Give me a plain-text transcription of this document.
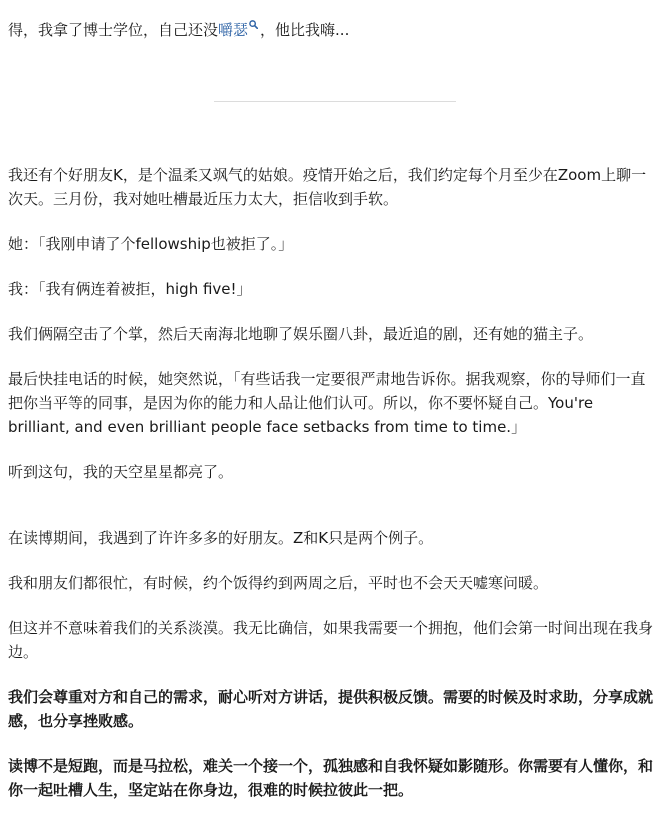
得，我拿了博士学位，自己还没嚼瑟 ，他比我嗨...

我还有个好朋友K，是个温柔又飒气的姑娘。疫情开始之后，我们约定每个月至少在Zoom上聊一次天。三月份，我对她吐槽最近压力太大，拒信收到手软。

她：「我刚申请了个fellowship也被拒了。」

我：「我有俩连着被拒，high five!」

我们俩隔空击了个掌，然后天南海北地聊了娱乐圈八卦，最近追的剧，还有她的猫主子。

最后快挂电话的时候，她突然说，「有些话我一定要很严肃地告诉你。据我观察，你的导师们一直把你当平等的同事，是因为你的能力和人品让他们认可。所以，你不要怀疑自己。You're brilliant, and even brilliant people face setbacks from time to time.」

听到这句，我的天空星星都亮了。

在读博期间，我遇到了许许多多的好朋友。Z和K只是两个例子。

我和朋友们都很忙，有时候，约个饭得约到两周之后，平时也不会天天嘘寒问暖。

但这并不意味着我们的关系淡漠。我无比确信，如果我需要一个拥抱，他们会第一时间出现在我身边。

我们会尊重对方和自己的需求，耐心听对方讲话，提供积极反馈。需要的时候及时求助，分享成就感，也分享挫败感。

读博不是短跑，而是马拉松，难关一个接一个，孤独感和自我怀疑如影随形。你需要有人懂你，和你一起吐槽人生，坚定站在你身边，很难的时候拉彼此一把。
